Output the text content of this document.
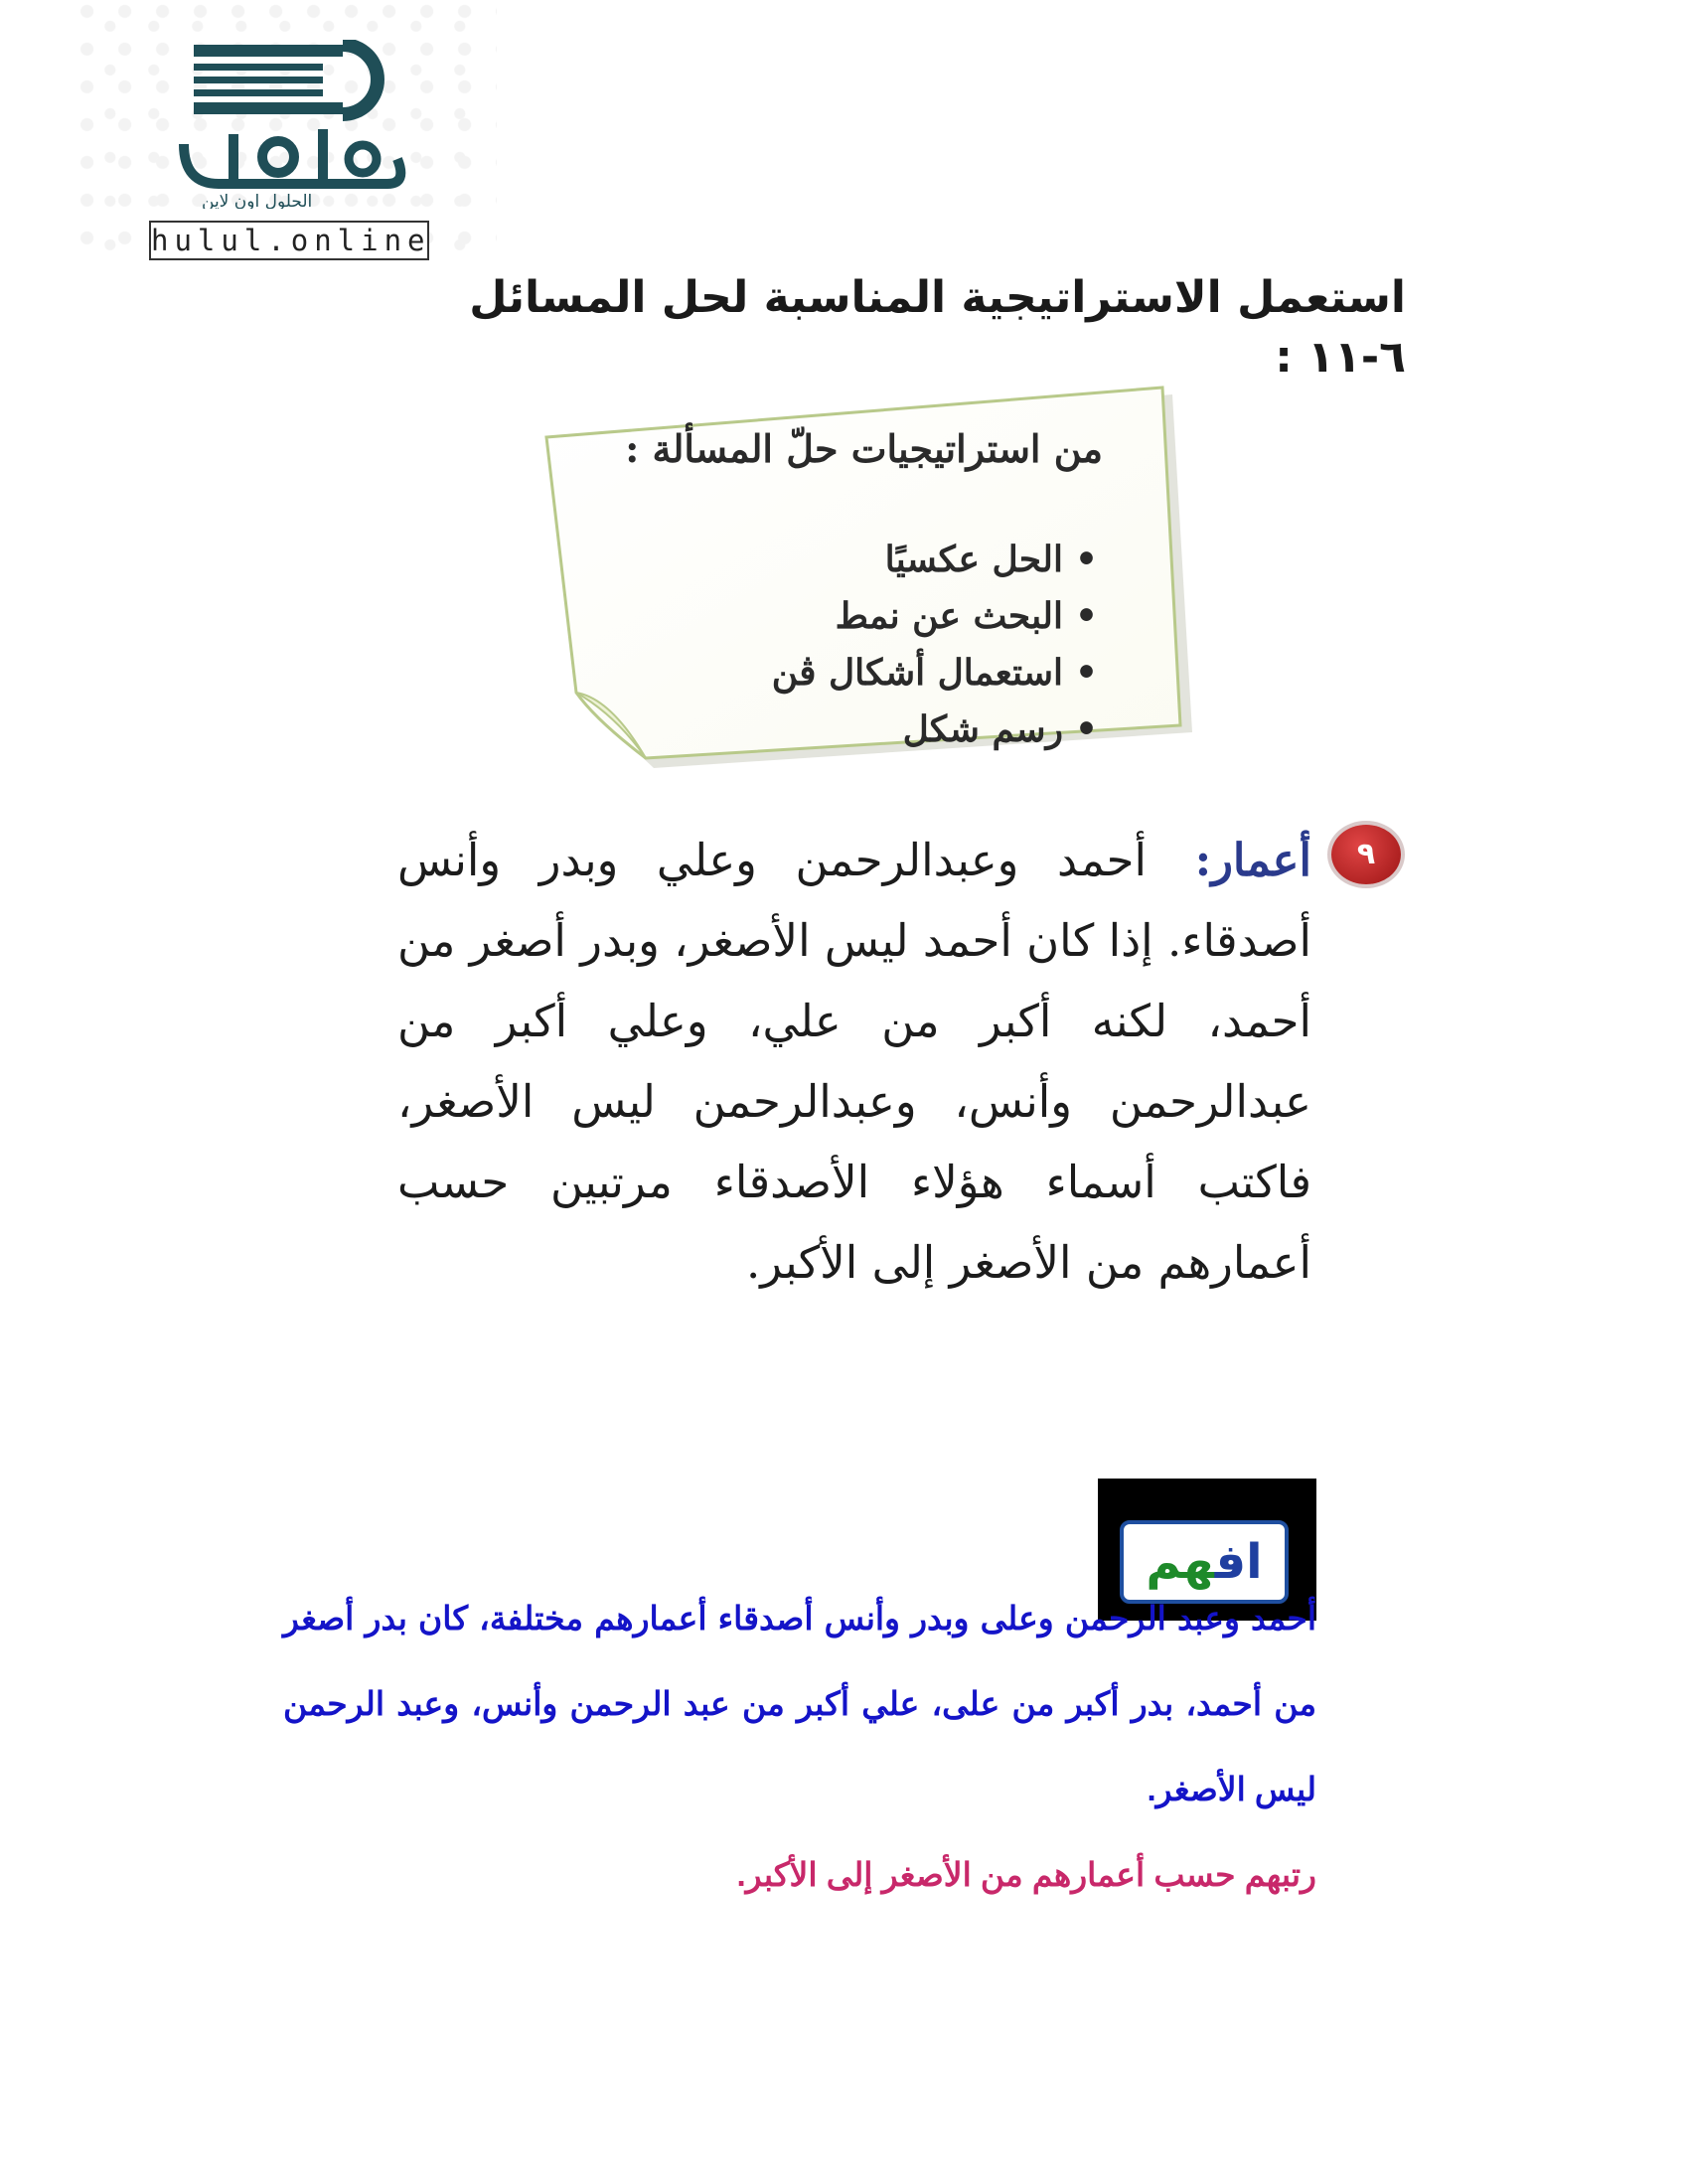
الحلول اون لاين
hulul.online
استعمل الاستراتيجية المناسبة لحل المسائل ٦-١١ :
من استراتيجيات حلّ المسألة :
• الحل عكسيًا
• البحث عن نمط
• استعمال أشكال ڤن
• رسم شكل
٩
أعمار: أحمد وعبدالرحمن وعلي وبدر وأنس أصدقاء. إذا كان أحمد ليس الأصغر، وبدر أصغر من أحمد، لكنه أكبر من علي، وعلي أكبر من عبدالرحمن وأنس، وعبدالرحمن ليس الأصغر، فاكتب أسماء هؤلاء الأصدقاء مرتبين حسب أعمارهم من الأصغر إلى الأكبر.
افهم
أحمد وعبد الرحمن وعلى وبدر وأنس أصدقاء أعمارهم مختلفة، كان بدر أصغر من أحمد، بدر أكبر من على، علي أكبر من عبد الرحمن وأنس، وعبد الرحمن ليس الأصغر.
رتبهم حسب أعمارهم من الأصغر إلى الأكبر.
